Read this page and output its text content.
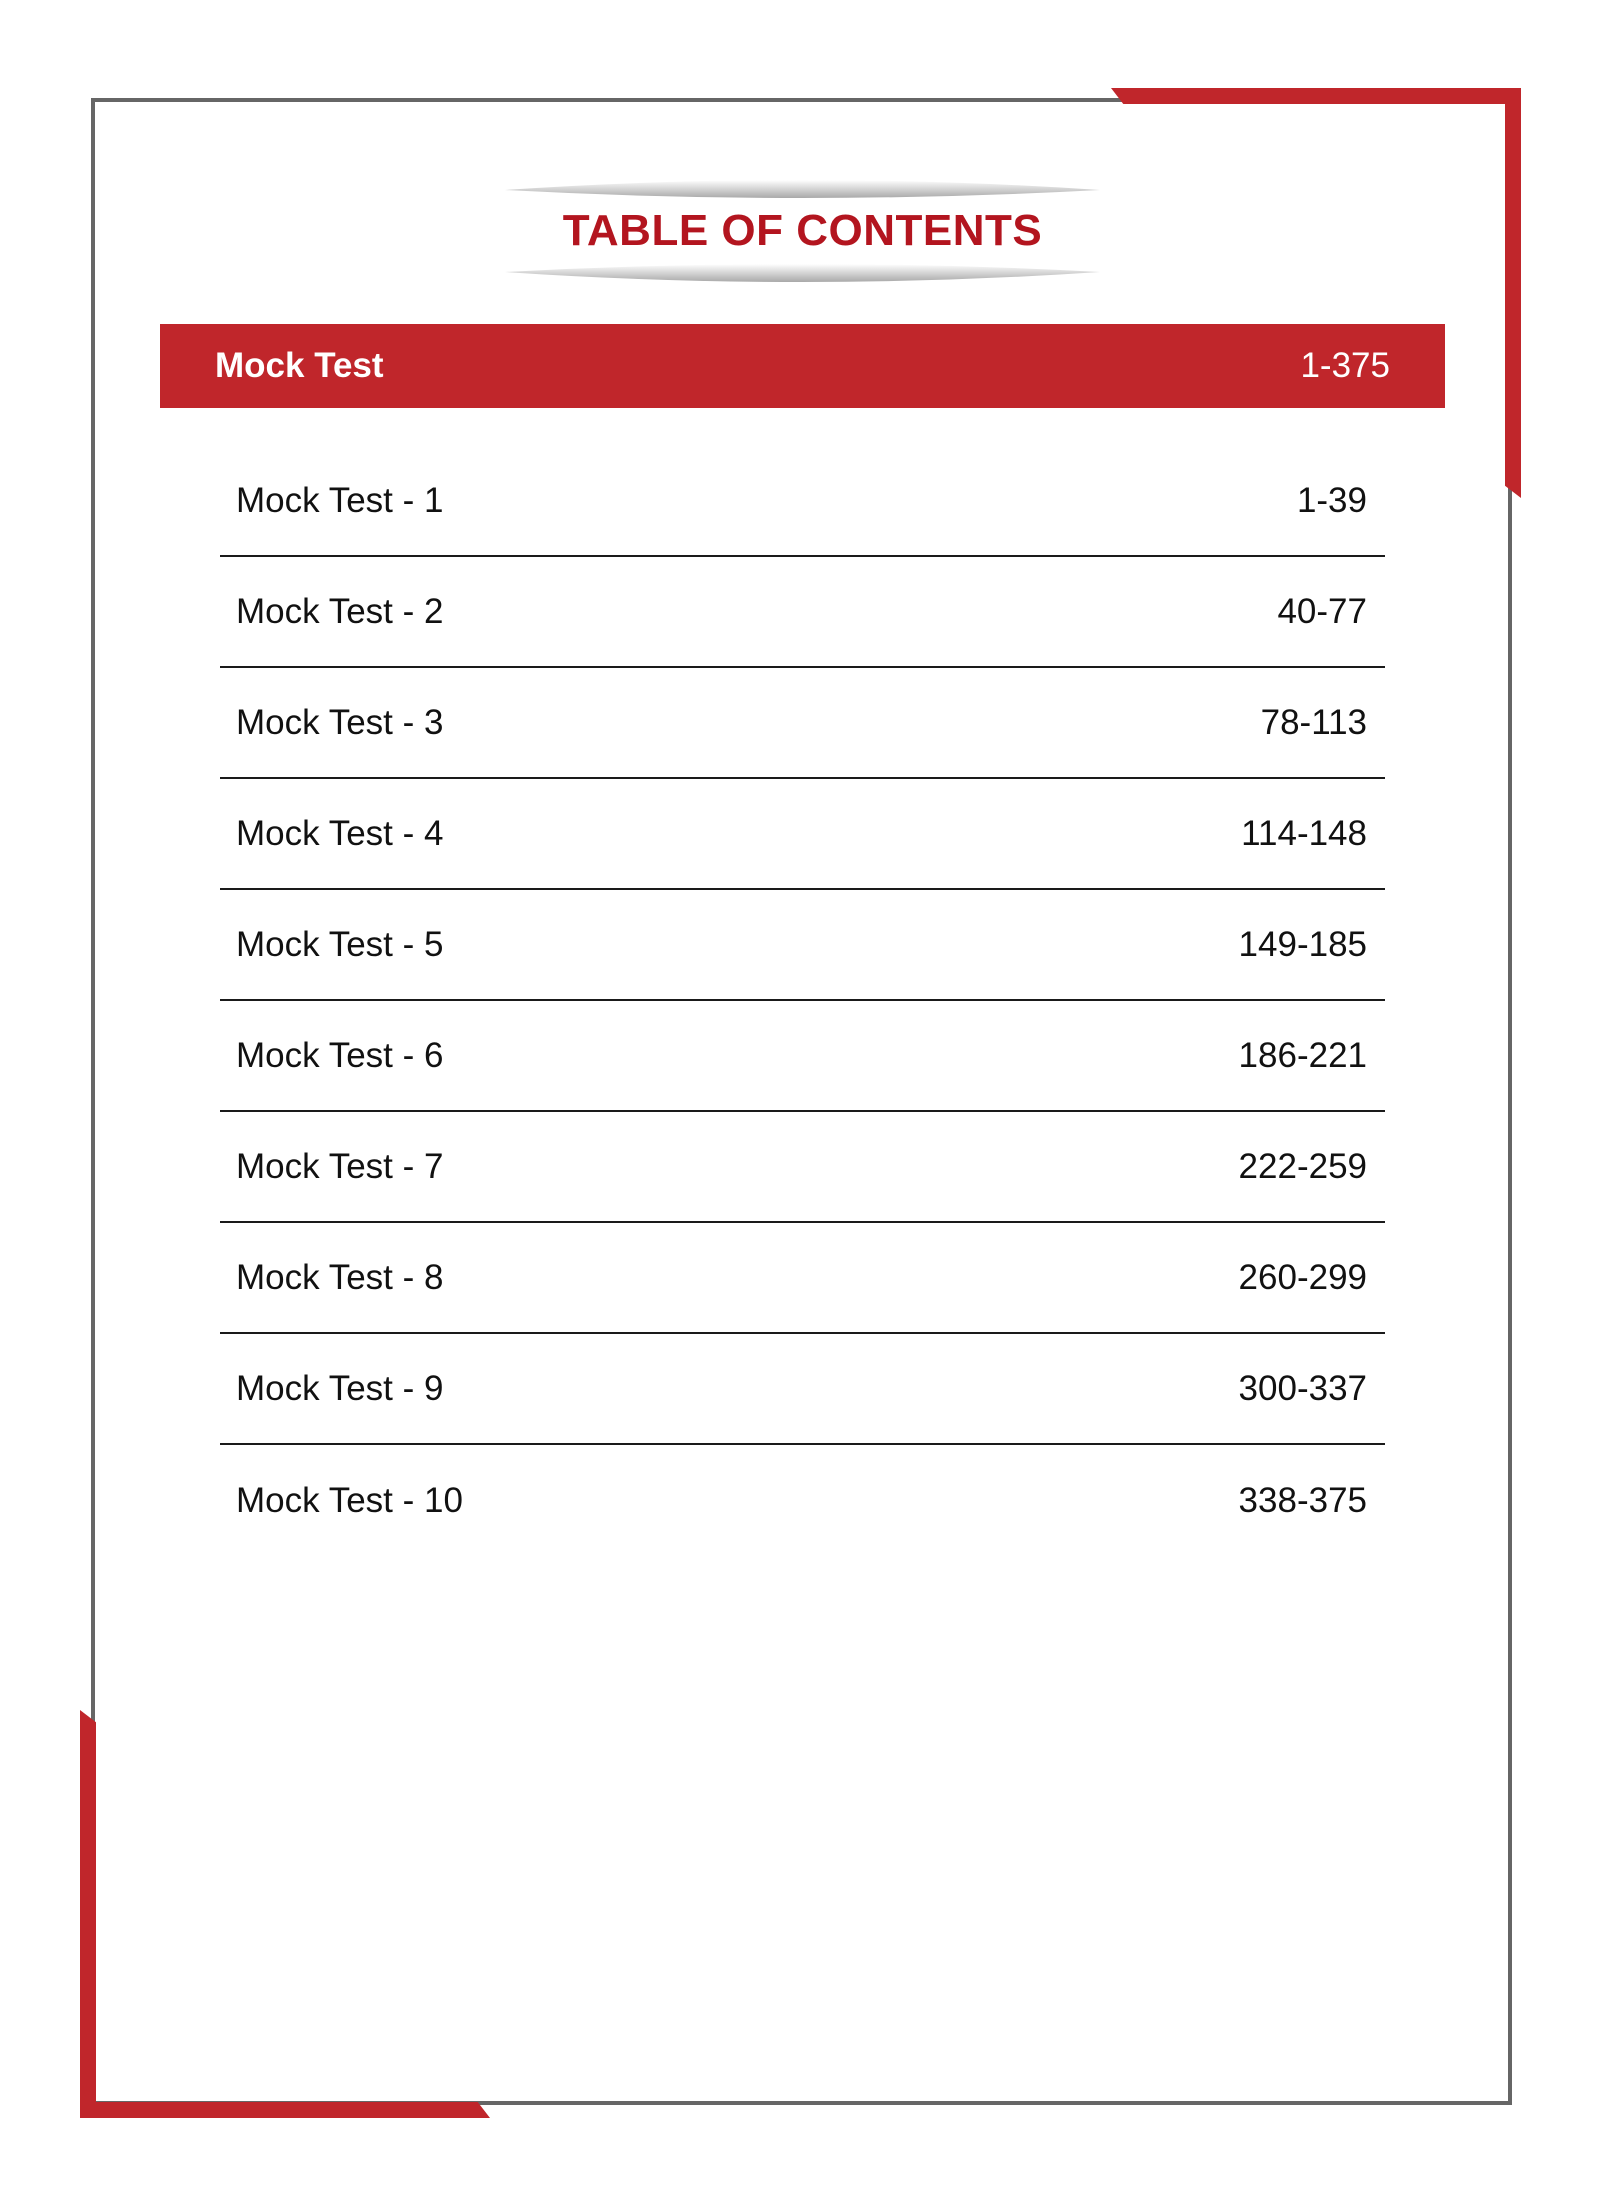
TABLE OF CONTENTS
Mock Test	1-375
Mock Test - 1	1-39
Mock Test - 2	40-77
Mock Test - 3	78-113
Mock Test - 4	114-148
Mock Test - 5	149-185
Mock Test - 6	186-221
Mock Test - 7	222-259
Mock Test - 8	260-299
Mock Test - 9	300-337
Mock Test - 10	338-375
